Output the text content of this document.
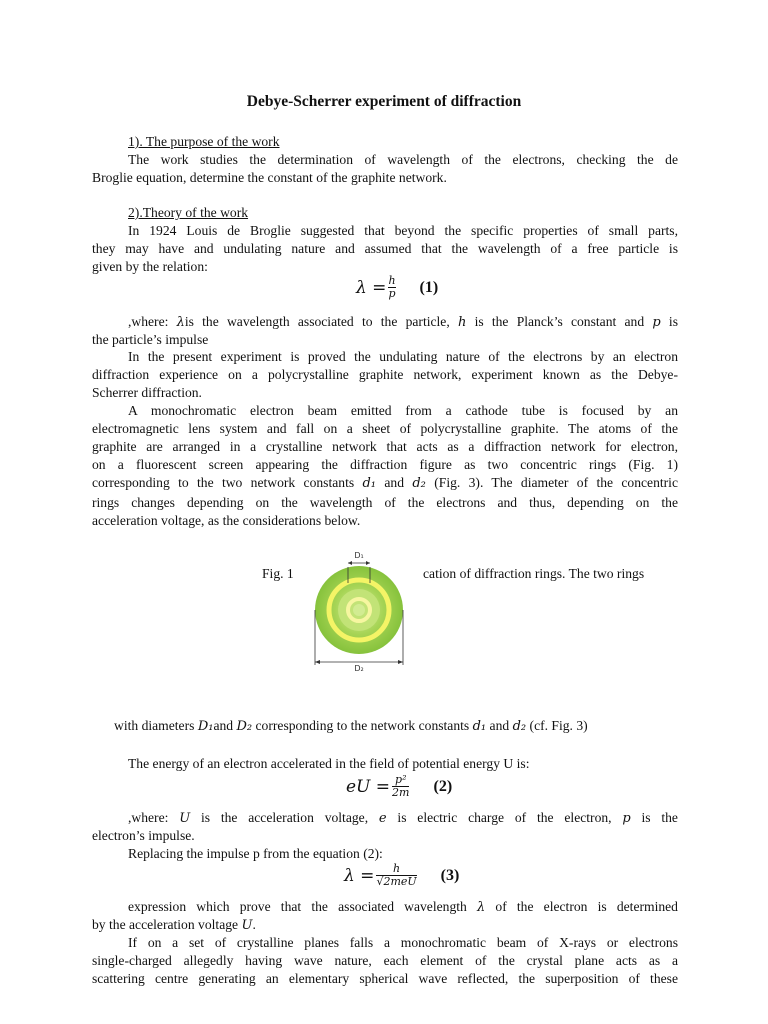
Debye-Scherrer experiment of diffraction
1). The purpose of the work
The work studies the determination of wavelength of the electrons, checking the de
Broglie equation, determine the constant of the graphite network.
2).Theory of the work
In 1924 Louis de Broglie suggested that beyond the specific properties of small parts,
they may have and undulating nature and assumed that the wavelength of a free particle is
given by the relation:
$\lambda = \frac{h}{p} (1)$
,where: λis the wavelength associated to the particle, h is the Planck’s constant and p is
the particle’s impulse
In the present experiment is proved the undulating nature of the electrons by an electron
diffraction experience on a polycrystalline graphite network, experiment known as the Debye-
Scherrer diffraction.
A monochromatic electron beam emitted from a cathode tube is focused by an
electromagnetic lens system and fall on a sheet of polycrystalline graphite. The atoms of the
graphite are arranged in a crystalline network that acts as a diffraction network for electron,
on a fluorescent screen appearing the diffraction figure as two concentric rings (Fig. 1)
corresponding to the two network constants d₁ and d₂ (Fig. 3). The diameter of the concentric
rings changes depending on the wavelength of the electrons and thus, depending on the
acceleration voltage, as the considerations below.
Fig. 1	cation of diffraction rings. The two rings
D₁
D₂
with diameters D₁and D₂ corresponding to the network constants d₁ and d₂ (cf. Fig. 3)
The energy of an electron accelerated in the field of potential energy U is:
eU = $\frac{\text{p²}}{2m} (2)$
,where: U is the acceleration voltage, e is electric charge of the electron, p is the
electron’s impulse.
Replacing the impulse p from the equation (2):
$\lambda = \frac{h}{\text{√2meU}} (3)$
expression which prove that the associated wavelength λ of the electron is determined
by the acceleration voltage U.
If on a set of crystalline planes falls a monochromatic beam of X-rays or electrons
single-charged allegedly having wave nature, each element of the crystal plane acts as a
scattering centre generating an elementary spherical wave reflected, the superposition of these
